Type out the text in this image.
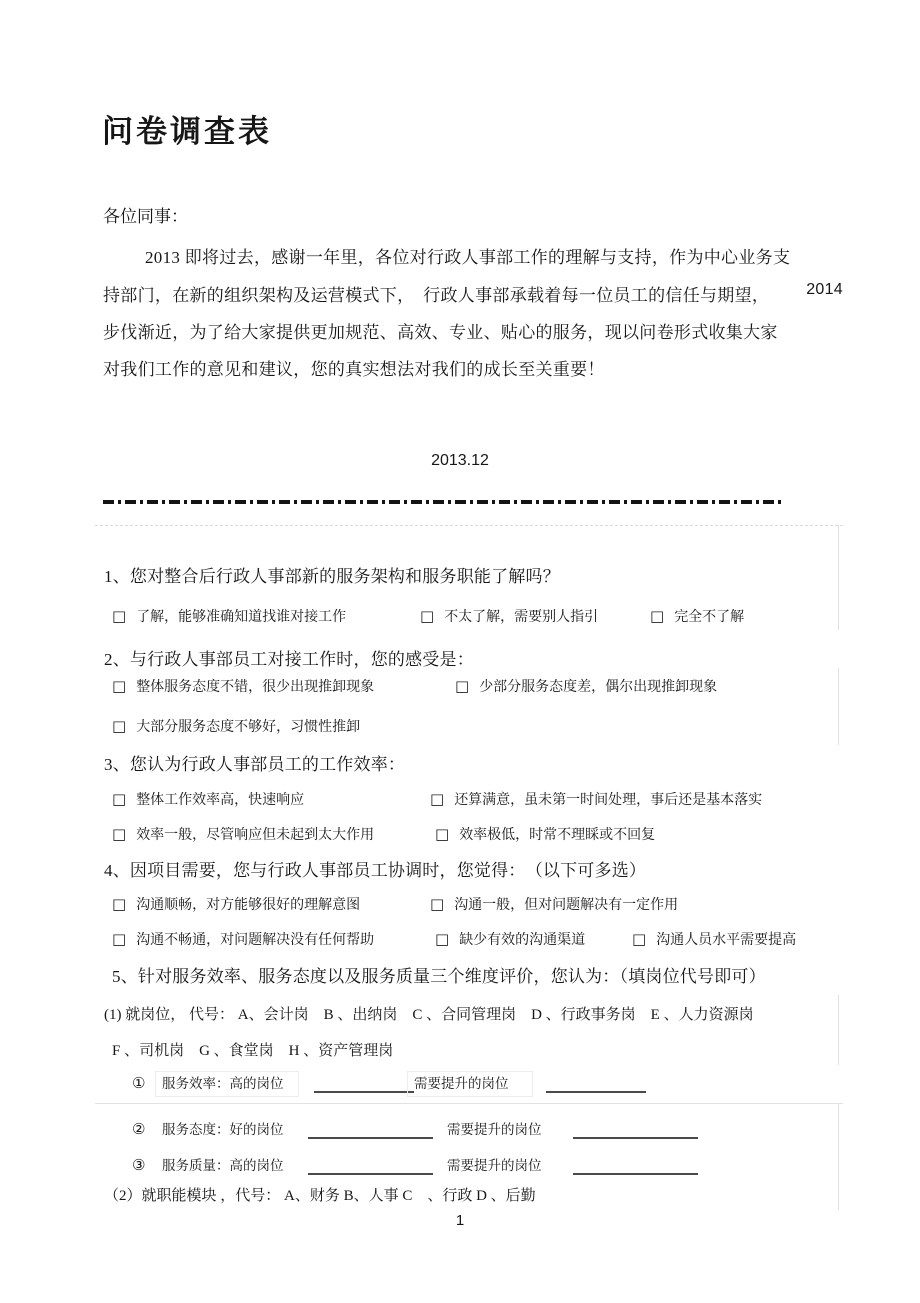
问卷调查表
各位同事：
2013 即将过去，感谢一年里，各位对行政人事部工作的理解与支持，作为中心业务支
持部门，在新的组织架构及运营模式下，　行政人事部承载着每一位员工的信任与期望， 2014
步伐渐近，为了给大家提供更加规范、高效、专业、贴心的服务，现以问卷形式收集大家
对我们工作的意见和建议，您的真实想法对我们的成长至关重要！
2013.12
1、您对整合后行政人事部新的服务架构和服务职能了解吗？
□ 了解，能够准确知道找谁对接工作	□ 不太了解，需要别人指引	□ 完全不了解
2、与行政人事部员工对接工作时，您的感受是：
□ 整体服务态度不错，很少出现推卸现象	□ 少部分服务态度差，偶尔出现推卸现象
□ 大部分服务态度不够好，习惯性推卸
3、您认为行政人事部员工的工作效率：
□ 整体工作效率高，快速响应	□ 还算满意，虽未第一时间处理，事后还是基本落实
□ 效率一般，尽管响应但未起到太大作用	□ 效率极低，时常不理睬或不回复
4、因项目需要，您与行政人事部员工协调时，您觉得：　（以下可多选）
□ 沟通顺畅，对方能够很好的理解意图	□ 沟通一般，但对问题解决有一定作用
□ 沟通不畅通，对问题解决没有任何帮助	□ 缺少有效的沟通渠道	□ 沟通人员水平需要提高
5、针对服务效率、服务态度以及服务质量三个维度评价，您认为：（填岗位代号即可）
(1) 就岗位， 代号： A、会计岗　B 、出纳岗　C 、合同管理岗　D 、行政事务岗　E 、人力资源岗
F 、司机岗　G 、食堂岗　H 、资产管理岗
①	服务效率：高的岗位	需要提升的岗位
②	服务态度：好的岗位	需要提升的岗位
③	服务质量：高的岗位	需要提升的岗位
（2）就职能模块 ，代号： A、财务 B、人事 C　、行政 D 、后勤
1
